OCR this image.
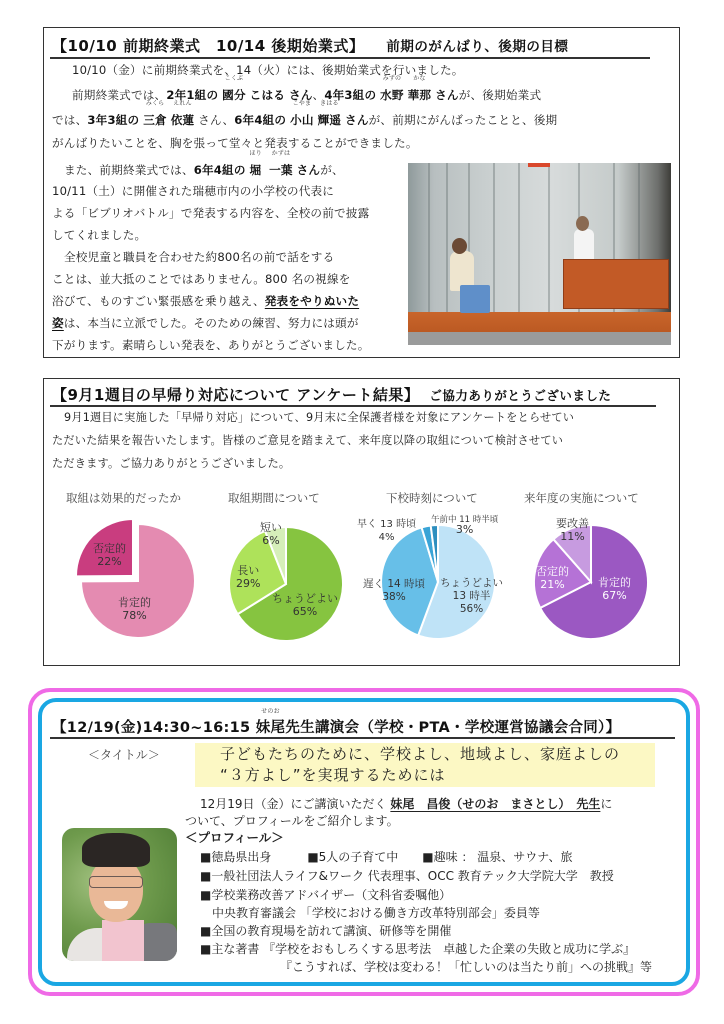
【10/10 前期終業式　10/14 後期始業式】 前期のがんばり、後期の目標
10/10（金）に前期終業式を、14（火）には、後期始業式を行いました。
前期終業式では、2年1組の
こくぶ
國分 こはる さん、4年3組の
みずの
水野
かな
華那 さんが、後期始業式
では、3年3組の
みくら
三倉
えれん
依蓮 さん、6年4組の
こやま
小山
きはる
輝遥 さんが、前期にがんばったことと、後期
がんばりたいことを、胸を張って堂々と発表することができました。
また、前期終業式では、6年4組の
ほり
堀
かずは
一葉 さんが、
10/11（土）に開催された瑞穂市内の小学校の代表に
よる「ビブリオバトル」で発表する内容を、全校の前で披露
してくれました。
全校児童と職員を合わせた約800名の前で話をする
ことは、並大抵のことではありません。800 名の視線を
浴びて、ものすごい緊張感を乗り越え、発表をやりぬいた
姿は、本当に立派でした。そのための練習、努力には頭が
下がります。素晴らしい発表を、ありがとうございました。
【9月1週目の早帰り対応について アンケート結果】 ご協力ありがとうございました
9月1週目に実施した「早帰り対応」について、9月末に全保護者様を対象にアンケートをとらせてい
ただいた結果を報告いたします。皆様のご意見を踏まえて、来年度以降の取組について検討させてい
ただきます。ご協力ありがとうございました。
取組は効果的だったか	取組期間について	下校時刻について	来年度の実施について
否定的
22%
肯定的
78%
短い
6%
長い
29%
ちょうどよい
65%
早く 13 時頃
4%
午前中 11 時半頃
3%
遅く 14 時頃
38%
ちょうどよい
13 時半
56%
要改善
11%
否定的
21%	肯定的
67%
【12/19(金)14:30~16:15
せのお
妹尾先生講演会（学校・PTA・学校運営協議会合同）】
＜タイトル＞	子どもたちのために、学校よし、地域よし、家庭よしの
“３方よし”を実現するためには
12月19日（金）にご講演いただく 妹尾　昌俊（せのお　まさとし）　先生に
ついて、プロフィールをご紹介します。
＜プロフィール＞
■徳島県出身　　　■5人の子育て中　　■趣味 ： 温泉、サウナ、旅
■一般社団法人ライフ&ワーク 代表理事、OCC 教育テック大学院大学　教授
■学校業務改善アドバイザー（文科省委嘱他）
　中央教育審議会 「学校における働き方改革特別部会」委員等
■全国の教育現場を訪れて講演、研修等を開催
■主な著書 『学校をおもしろくする思考法　卓越した企業の失敗と成功に学ぶ』
『こうすれば、学校は変わる！「忙しいのは当たり前」への挑戦』等
